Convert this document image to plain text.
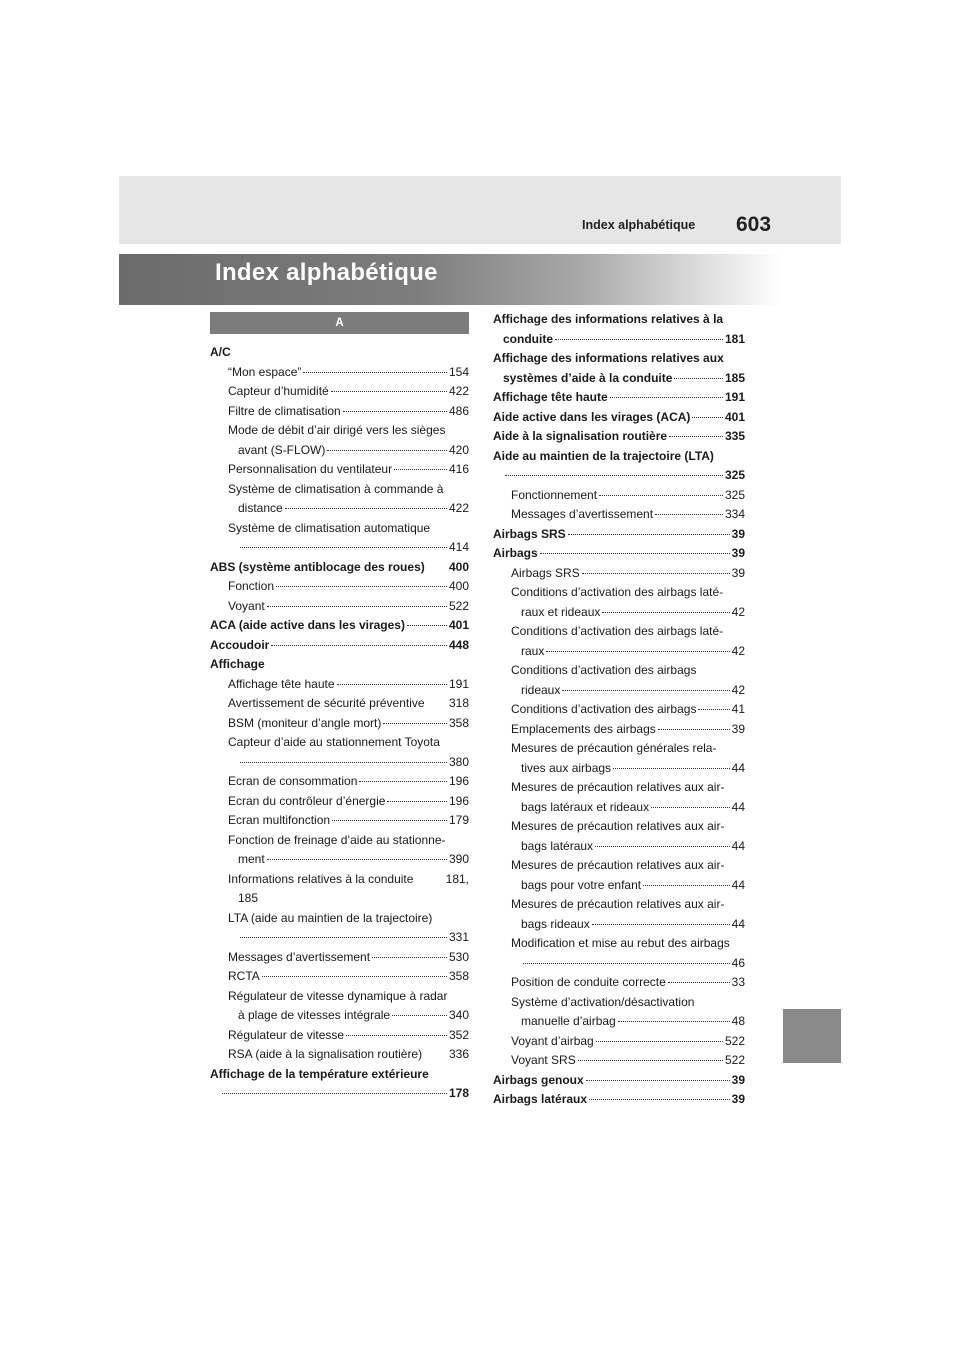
Index alphabétique 603
Index alphabétique
A
A/C
“Mon espace”	154
Capteur d’humidité	422
Filtre de climatisation	486
Mode de débit d’air dirigé vers les sièges
avant (S-FLOW)	420
Personnalisation du ventilateur	416
Système de climatisation à commande à
distance	422
Système de climatisation automatique
414
ABS (système antiblocage des roues) 400
Fonction	400
Voyant	522
ACA (aide active dans les virages)	401
Accoudoir	448
Affichage
Affichage tête haute	191
Avertissement de sécurité préventive 318
BSM (moniteur d’angle mort)	358
Capteur d’aide au stationnement Toyota
380
Ecran de consommation	196
Ecran du contrôleur d’énergie	196
Ecran multifonction	179
Fonction de freinage d’aide au stationne-
ment	390
Informations relatives à la conduite	181,
185
LTA (aide au maintien de la trajectoire)
331
Messages d’avertissement	530
RCTA	358
Régulateur de vitesse dynamique à radar
à plage de vitesses intégrale	340
Régulateur de vitesse	352
RSA (aide à la signalisation routière) 336
Affichage de la température extérieure
178
Affichage des informations relatives à la
conduite	181
Affichage des informations relatives aux
systèmes d’aide à la conduite	185
Affichage tête haute	191
Aide active dans les virages (ACA)	401
Aide à la signalisation routière	335
Aide au maintien de la trajectoire (LTA)
325
Fonctionnement	325
Messages d’avertissement	334
Airbags SRS	39
Airbags	39
Airbags SRS	39
Conditions d’activation des airbags laté-
raux et rideaux	42
Conditions d’activation des airbags laté-
raux	42
Conditions d’activation des airbags
rideaux	42
Conditions d’activation des airbags	41
Emplacements des airbags	39
Mesures de précaution générales rela-
tives aux airbags	44
Mesures de précaution relatives aux air-
bags latéraux et rideaux	44
Mesures de précaution relatives aux air-
bags latéraux	44
Mesures de précaution relatives aux air-
bags pour votre enfant	44
Mesures de précaution relatives aux air-
bags rideaux	44
Modification et mise au rebut des airbags
46
Position de conduite correcte	33
Système d’activation/désactivation
manuelle d’airbag	48
Voyant d’airbag	522
Voyant SRS	522
Airbags genoux	39
Airbags latéraux	39
